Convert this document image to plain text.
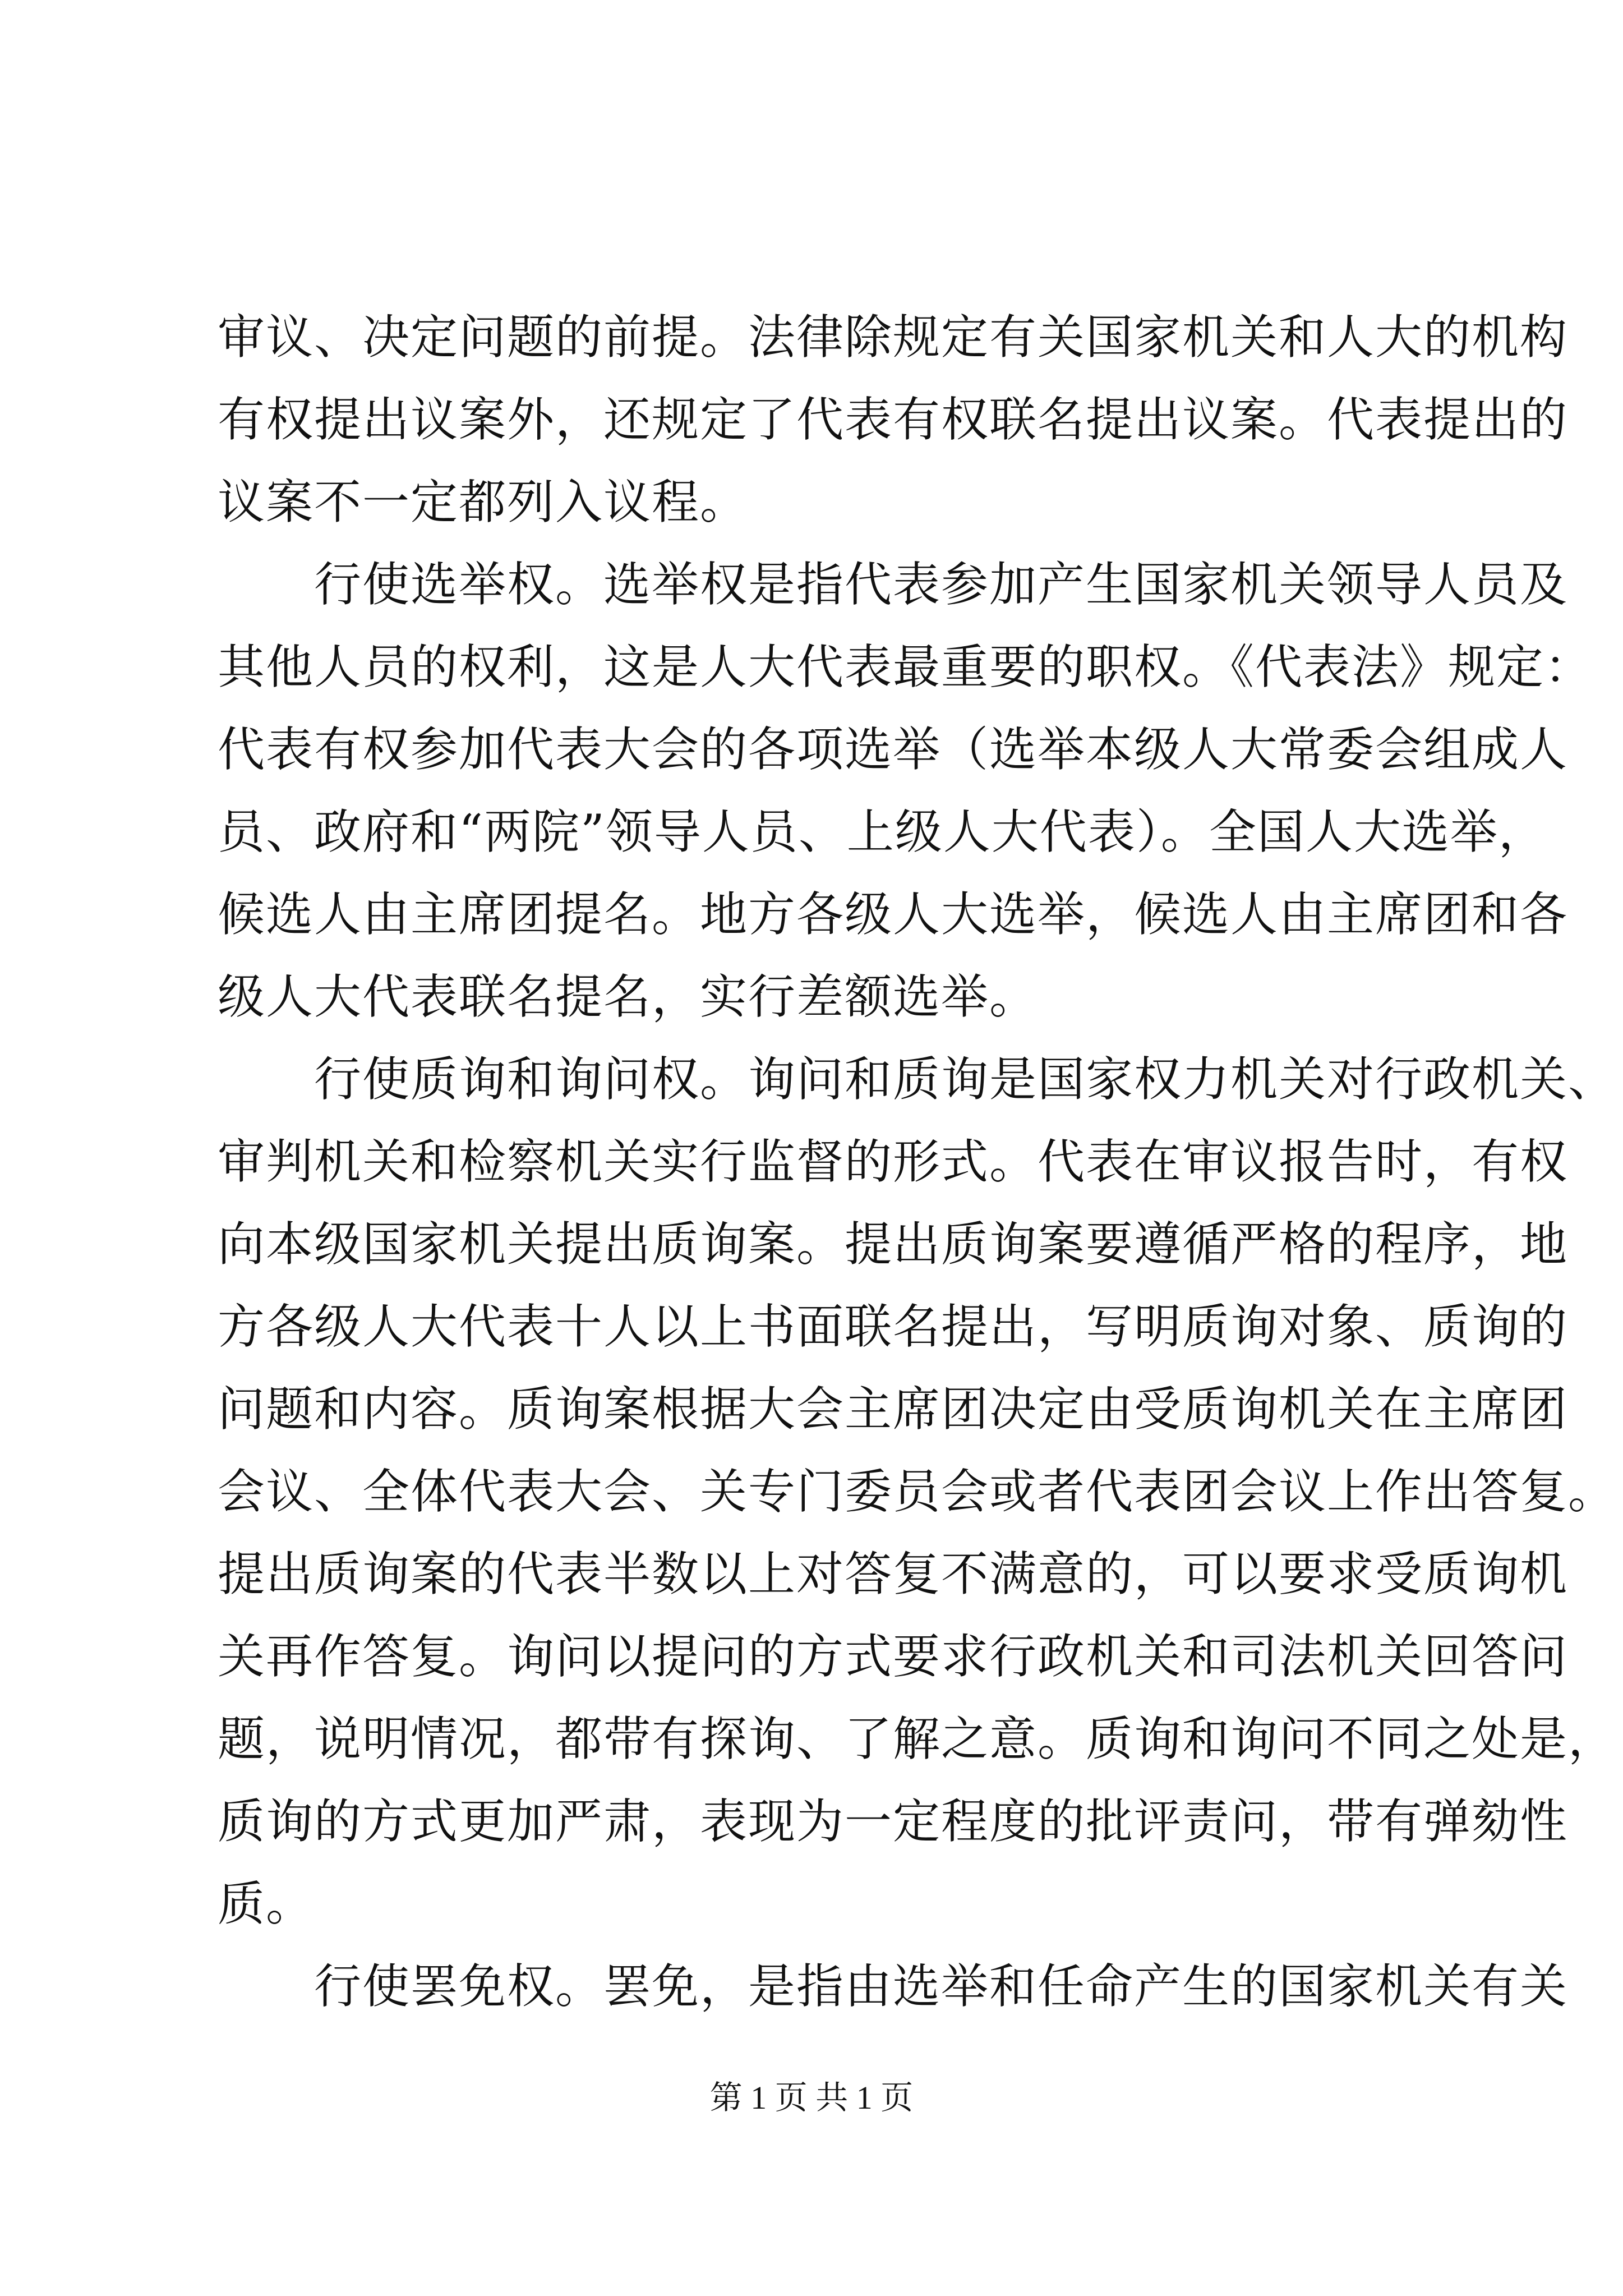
审议、决定问题的前提。法律除规定有关国家机关和人大的机构
有权提出议案外，还规定了代表有权联名提出议案。代表提出的
议案不一定都列入议程。
　　行使选举权。选举权是指代表参加产生国家机关领导人员及
其他人员的权利，这是人大代表最重要的职权。《代表法》规定：
代表有权参加代表大会的各项选举（选举本级人大常委会组成人
员、政府和“两院”领导人员、上级人大代表）。全国人大选举，
候选人由主席团提名。地方各级人大选举，候选人由主席团和各
级人大代表联名提名，实行差额选举。
　　行使质询和询问权。询问和质询是国家权力机关对行政机关、
审判机关和检察机关实行监督的形式。代表在审议报告时，有权
向本级国家机关提出质询案。提出质询案要遵循严格的程序，地
方各级人大代表十人以上书面联名提出，写明质询对象、质询的
问题和内容。质询案根据大会主席团决定由受质询机关在主席团
会议、全体代表大会、关专门委员会或者代表团会议上作出答复。
提出质询案的代表半数以上对答复不满意的，可以要求受质询机
关再作答复。询问以提问的方式要求行政机关和司法机关回答问
题，说明情况，都带有探询、了解之意。质询和询问不同之处是，
质询的方式更加严肃，表现为一定程度的批评责问，带有弹劾性
质。
　　行使罢免权。罢免，是指由选举和任命产生的国家机关有关
第 1 页 共 1 页
